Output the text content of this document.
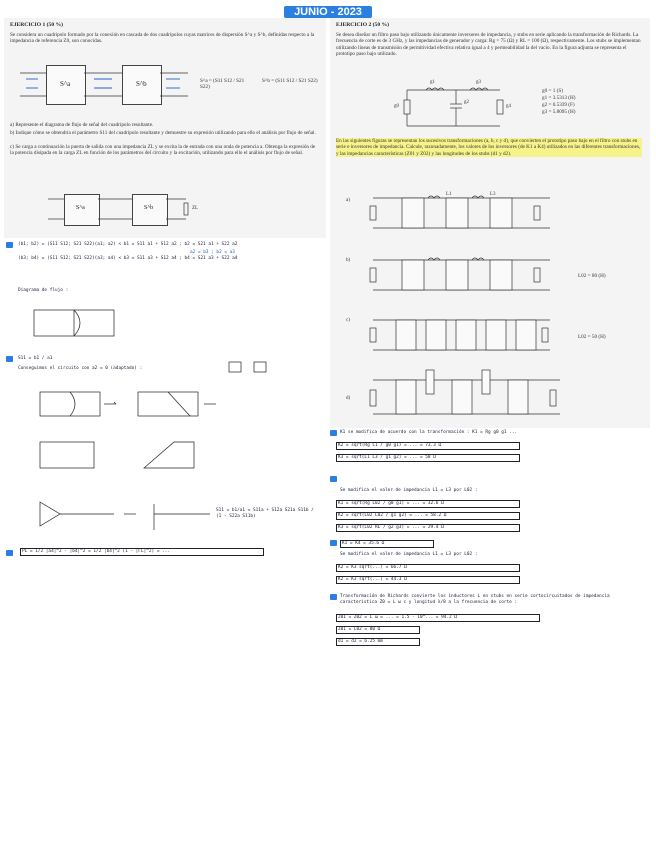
JUNIO - 2023
EJERCICIO 1 (50 %)
Se considera un cuadripolo formado por la conexión en cascada de dos cuadripolos cuyas matrices de dispersión S^a y S^b, definidas respecto a la impedancia de referencia Z0, son conocidas.
S^a	S^b	S^a = (S11 S12 / S21 S22)
S^b = (S11 S12 / S21 S22)
a) Represente el diagrama de flujo de señal del cuadripolo resultante.
b) Indique cómo se obtendría el parámetro S11 del cuadripolo resultante y demuestre su expresión utilizando para ello el análisis por flujo de señal.
c) Se carga a continuación la puerta de salida con una impedancia ZL y se excita la de entrada con una onda de potencia a. Obtenga la expresión de la potencia disipada en la carga ZL en función de los parámetros del circuito y la excitación, utilizando para ello el análisis por flujo de señal.
S^a	S^b	ZL
EJERCICIO 2 (50 %)
Se desea diseñar un filtro paso bajo utilizando únicamente inversores de impedancia, y stubs en serie aplicando la transformación de Richards. La frecuencia de corte es de 3 GHz, y las impedancias de generador y carga: Rg = 75 (Ω) y RL = 100 (Ω), respectivamente. Los stubs se implementan utilizando líneas de transmisión de permitividad efectiva relativa igual a 4 y permeabilidad la del vacío. En la figura adjunta se representa el prototipo paso bajo utilizado.
g1
g2
g3
g0	g4
g0 = 1 (S)
g1 = 3.5313 (H)
g2 = 0.5339 (F)
g3 = 5.8095 (H)
En las siguientes figuras se representan los sucesivos transformaciones (a, b, c y d), que convierten el prototipo paso bajo en el filtro con stubs en serie e inversores de impedancia. Calcule, razonadamente, los valores de los inversores (de K1 a K4) utilizados en las diferentes transformaciones, y las impedancias características (Z01 y Z02) y las longitudes de los stubs (d1 y d2).
a)
b)
c)
d)
L1	L3
L02 = 80 (H)
L02 = 50 (H)
(b1; b2) = (S11 S12; S21 S22)(a1; a2) < b1 = S11 a1 + S12 a2 ; b2 = S21 a1 + S22 a2
(b3; b4) = (S11 S12; S21 S22)(a3; a4) < b3 = S11 a3 + S12 a4 ; b4 = S21 a3 + S22 a4
a2 = b3 ; b2 = a3
Diagrama de flujo :
S11 = b1 / a1
Conseguimos el circuito con a2 = 0 (adaptado) :
S11 = b1/a1 = S11a + S12a S21a S11b / (1 - S22a S11b)
PL = 1/2 |a4|^2 - |b4|^2 = 1/2 |b4|^2 (1 - |ΓL|^2) = ...
K1 se modifica de acuerdo con la transformación : K1 = Rg g0 g1 ...
K2 = sqrt(Rg L1 / g0 g1) = ... = 73.3 Ω
K3 = sqrt(L1 L3 / g1 g2) = ... = 58 Ω
Se modifica el valor de impedancia L1 = L3 por L02 :
K1 = sqrt(Rg L02 / g0 g1) = ... = 32.6 Ω
K2 = sqrt(L02 L02 / g1 g2) = ... = 58.2 Ω
K3 = sqrt(L02 RL / g2 g3) = ... = 29.4 Ω
K1 = K4 = 35.6 Ω
Se modifica el valor de impedancia L1 = L3 por L02 :
K2 = K3 sqrt(...) = 66.7 Ω
K2 = K3 sqrt(...) = 44.3 Ω
Transformación de Richards convierte los inductores L en stubs en serie cortocircuitados de impedancia característica Z0 = L ω c y longitud λ/8 a la frecuencia de corte :
Z01 = Z02 = L ω = ... = 1.5 · 10^... = 94.2 Ω
Z01 = L02 = 80 Ω
d1 = d2 = 6.25 mm
